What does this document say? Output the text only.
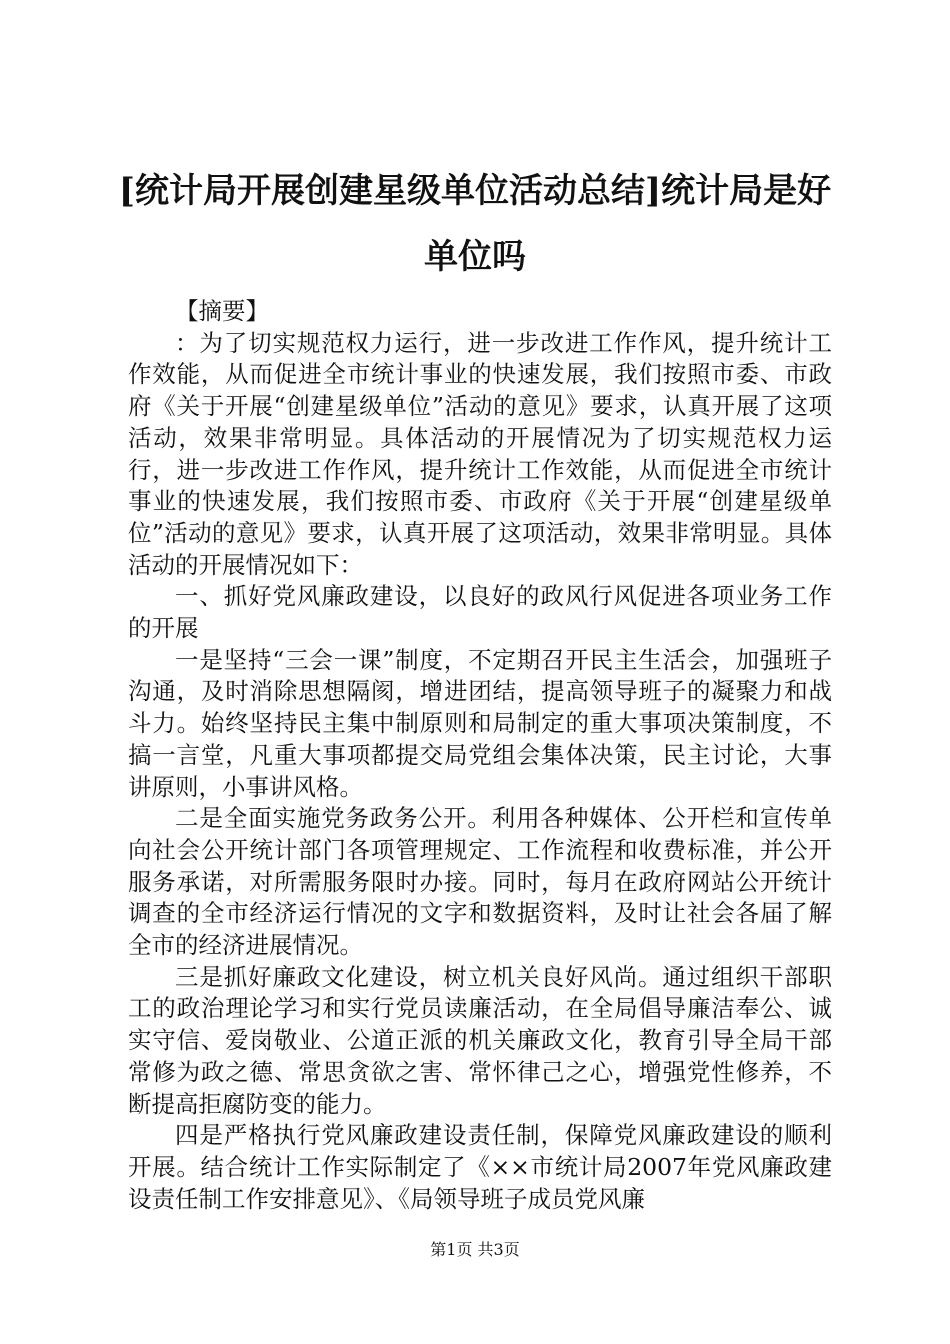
[统计局开展创建星级单位活动总结]统计局是好单位吗

【摘要】

：为了切实规范权力运行，进一步改进工作作风，提升统计工作效能，从而促进全市统计事业的快速发展，我们按照市委、市政府《关于开展“创建星级单位”活动的意见》要求，认真开展了这项活动，效果非常明显。具体活动的开展情况为了切实规范权力运行，进一步改进工作作风，提升统计工作效能，从而促进全市统计事业的快速发展，我们按照市委、市政府《关于开展“创建星级单位”活动的意见》要求，认真开展了这项活动，效果非常明显。具体活动的开展情况如下：

一、抓好党风廉政建设，以良好的政风行风促进各项业务工作的开展

一是坚持“三会一课”制度，不定期召开民主生活会，加强班子沟通，及时消除思想隔阂，增进团结，提高领导班子的凝聚力和战斗力。始终坚持民主集中制原则和局制定的重大事项决策制度，不搞一言堂，凡重大事项都提交局党组会集体决策，民主讨论，大事讲原则，小事讲风格。

二是全面实施党务政务公开。利用各种媒体、公开栏和宣传单向社会公开统计部门各项管理规定、工作流程和收费标准，并公开服务承诺，对所需服务限时办接。同时，每月在政府网站公开统计调查的全市经济运行情况的文字和数据资料，及时让社会各届了解全市的经济进展情况。

三是抓好廉政文化建设，树立机关良好风尚。通过组织干部职工的政治理论学习和实行党员读廉活动，在全局倡导廉洁奉公、诚实守信、爱岗敬业、公道正派的机关廉政文化，教育引导全局干部常修为政之德、常思贪欲之害、常怀律己之心，增强党性修养，不断提高拒腐防变的能力。

四是严格执行党风廉政建设责任制，保障党风廉政建设的顺利开展。结合统计工作实际制定了《××市统计局2007年党风廉政建设责任制工作安排意见》、《局领导班子成员党风廉

第1页 共3页
